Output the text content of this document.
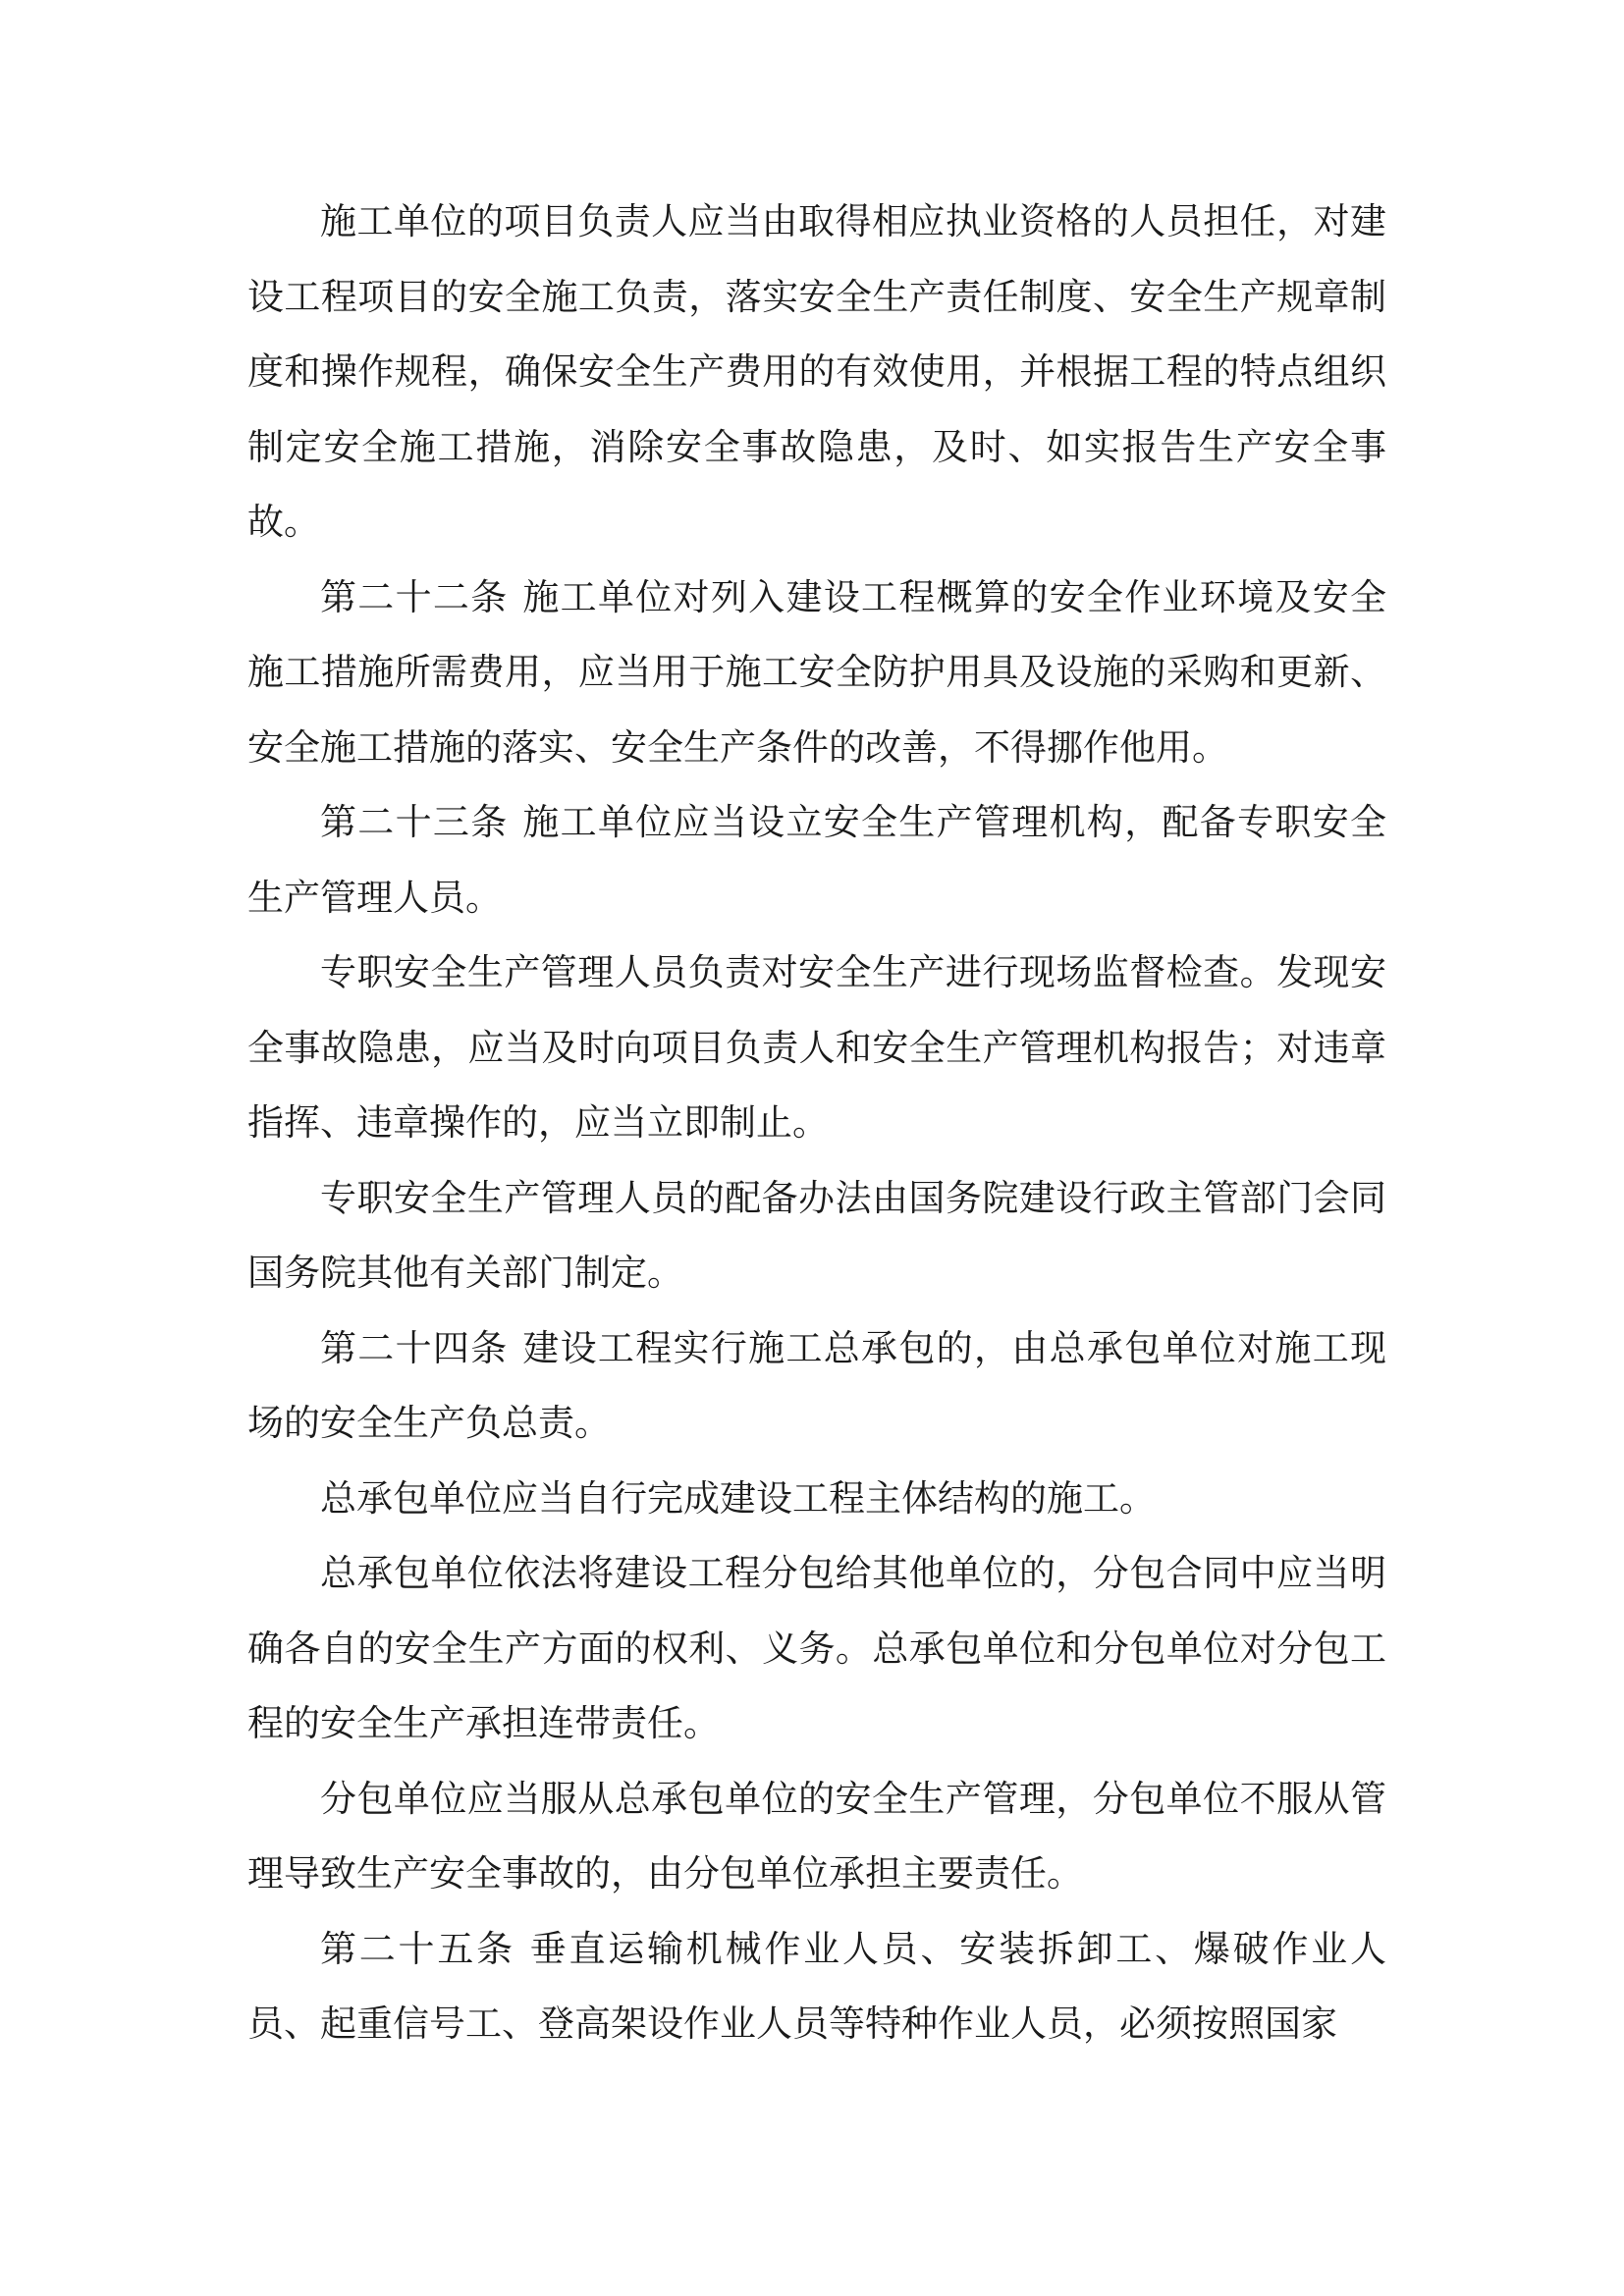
施工单位的项目负责人应当由取得相应执业资格的人员担任，对建设工程项目的安全施工负责，落实安全生产责任制度、安全生产规章制度和操作规程，确保安全生产费用的有效使用，并根据工程的特点组织制定安全施工措施，消除安全事故隐患，及时、如实报告生产安全事故。

第二十二条 施工单位对列入建设工程概算的安全作业环境及安全施工措施所需费用，应当用于施工安全防护用具及设施的采购和更新、安全施工措施的落实、安全生产条件的改善，不得挪作他用。

第二十三条 施工单位应当设立安全生产管理机构，配备专职安全生产管理人员。

专职安全生产管理人员负责对安全生产进行现场监督检查。发现安全事故隐患，应当及时向项目负责人和安全生产管理机构报告；对违章指挥、违章操作的，应当立即制止。

专职安全生产管理人员的配备办法由国务院建设行政主管部门会同国务院其他有关部门制定。

第二十四条 建设工程实行施工总承包的，由总承包单位对施工现场的安全生产负总责。

总承包单位应当自行完成建设工程主体结构的施工。

总承包单位依法将建设工程分包给其他单位的，分包合同中应当明确各自的安全生产方面的权利、义务。总承包单位和分包单位对分包工程的安全生产承担连带责任。

分包单位应当服从总承包单位的安全生产管理，分包单位不服从管理导致生产安全事故的，由分包单位承担主要责任。

第二十五条 垂直运输机械作业人员、安装拆卸工、爆破作业人员、起重信号工、登高架设作业人员等特种作业人员，必须按照国家
